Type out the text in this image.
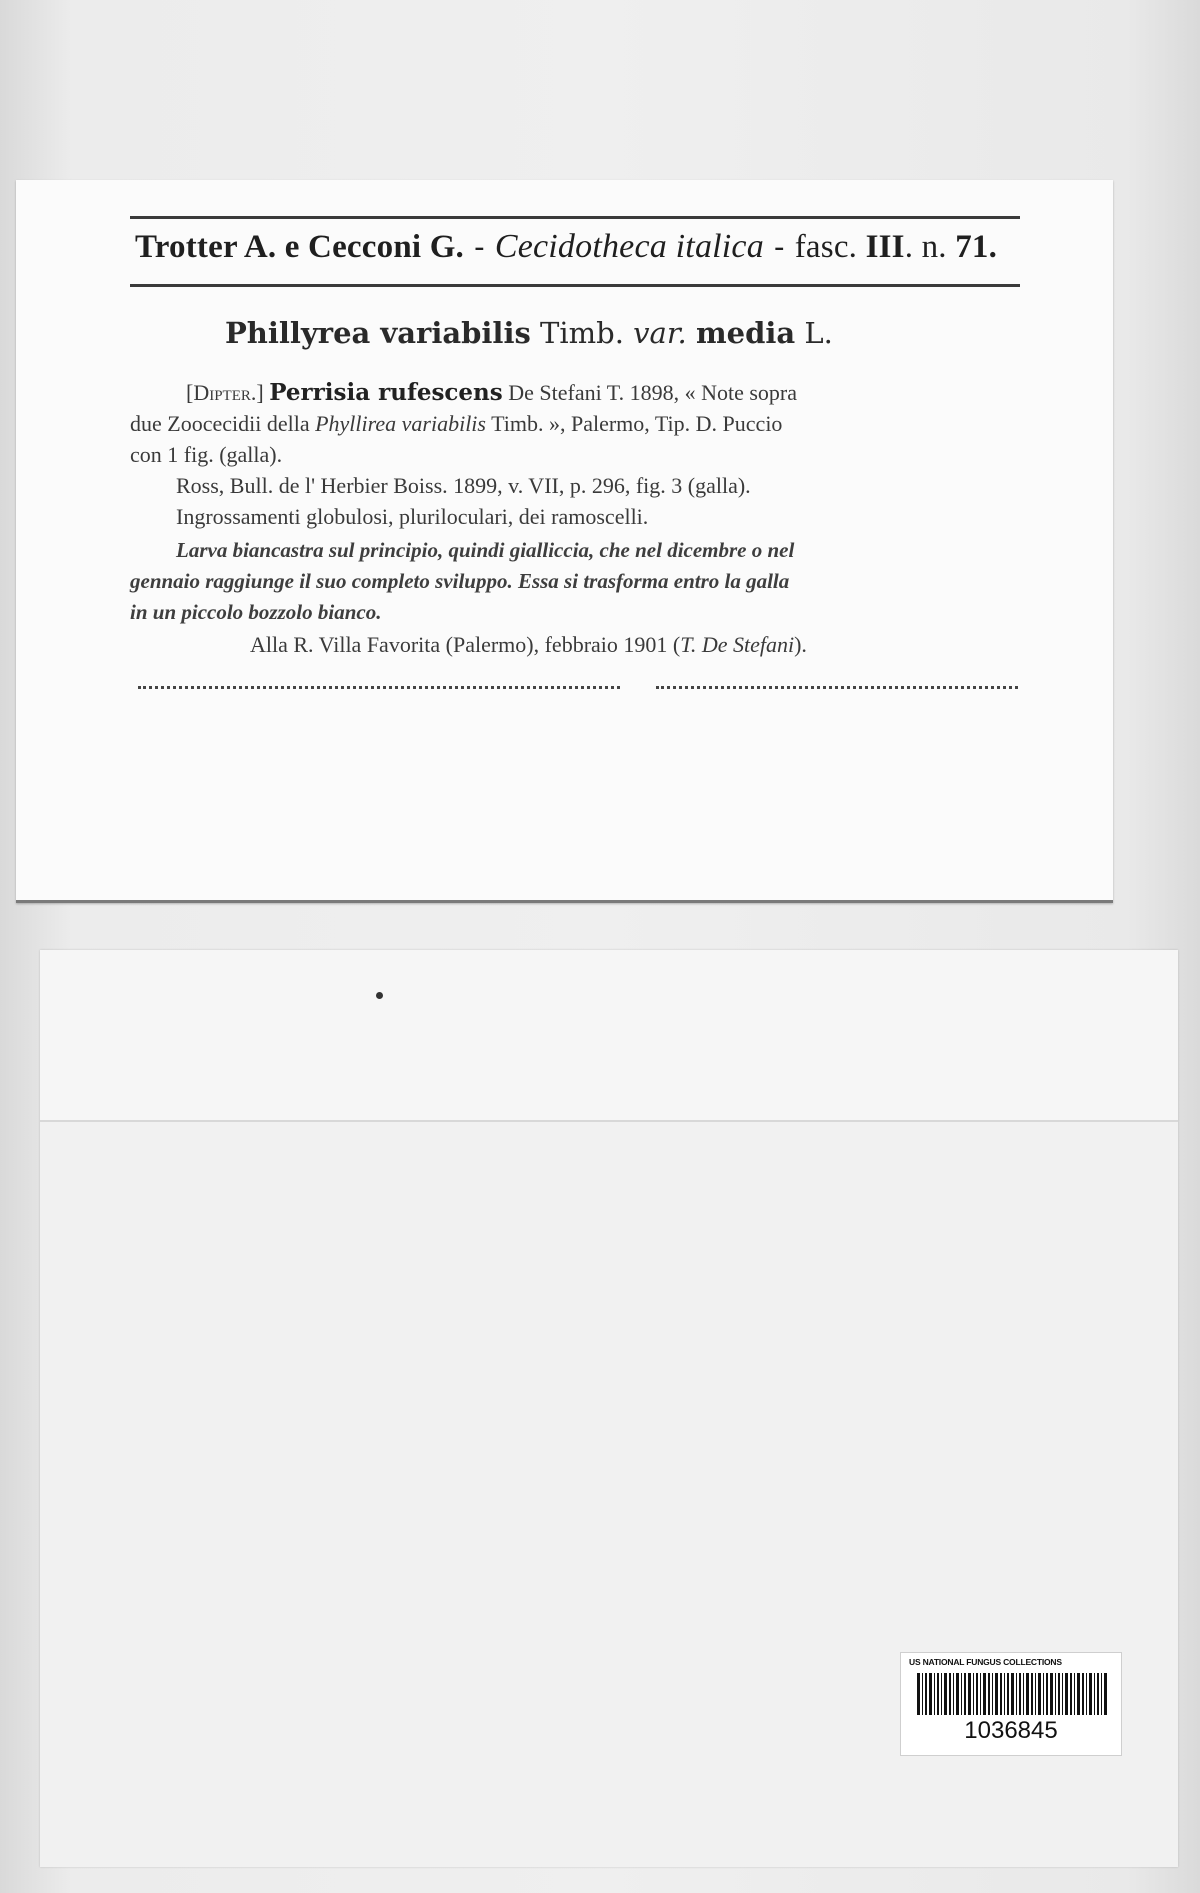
Trotter A. e Cecconi G. - Cecidotheca italica - fasc. III. n. 71.
Phillyrea variabilis Timb. var. media L.
[Dipter.] Perrisia rufescens De Stefani T. 1898, « Note sopra
due Zoocecidii della Phyllirea variabilis Timb. », Palermo, Tip. D. Puccio
con 1 fig. (galla).
Ross, Bull. de l' Herbier Boiss. 1899, v. VII, p. 296, fig. 3 (galla).
Ingrossamenti globulosi, pluriloculari, dei ramoscelli.
Larva biancastra sul principio, quindi gialliccia, che nel dicembre o nel
gennaio raggiunge il suo completo sviluppo. Essa si trasforma entro la galla
in un piccolo bozzolo bianco.
Alla R. Villa Favorita (Palermo), febbraio 1901 (T. De Stefani).
US NATIONAL FUNGUS COLLECTIONS
1036845
